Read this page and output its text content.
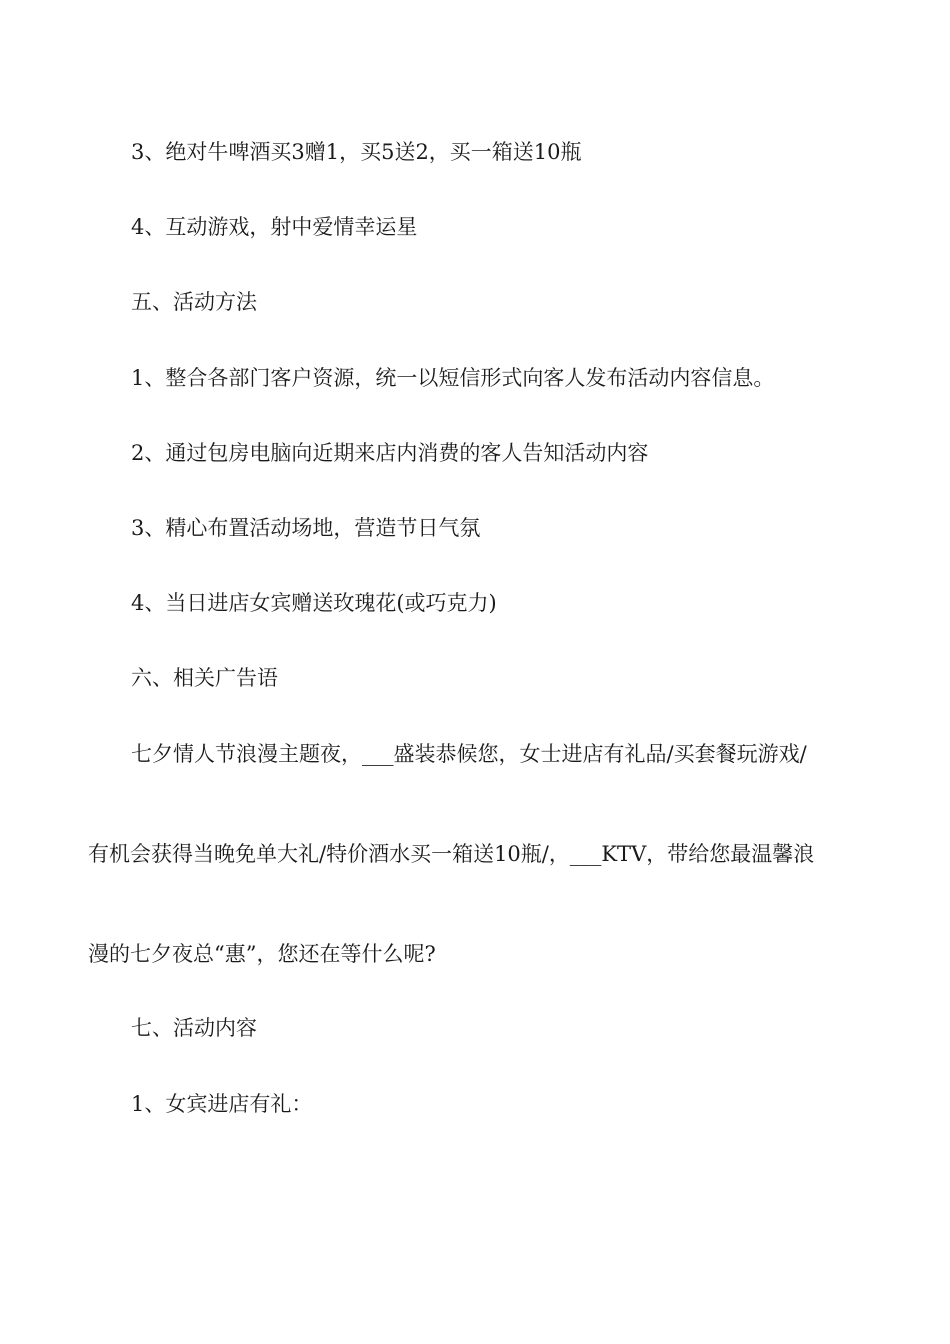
3、绝对牛啤酒买3赠1，买5送2，买一箱送10瓶
4、互动游戏，射中爱情幸运星
五、活动方法
1、整合各部门客户资源，统一以短信形式向客人发布活动内容信息。
2、通过包房电脑向近期来店内消费的客人告知活动内容
3、精心布置活动场地，营造节日气氛
4、当日进店女宾赠送玫瑰花(或巧克力)
六、相关广告语
七夕情人节浪漫主题夜，___盛装恭候您，女士进店有礼品/买套餐玩游戏/
有机会获得当晚免单大礼/特价酒水买一箱送10瓶/，___KTV，带给您最温馨浪
漫的七夕夜总“惠”，您还在等什么呢?
七、活动内容
1、女宾进店有礼：
